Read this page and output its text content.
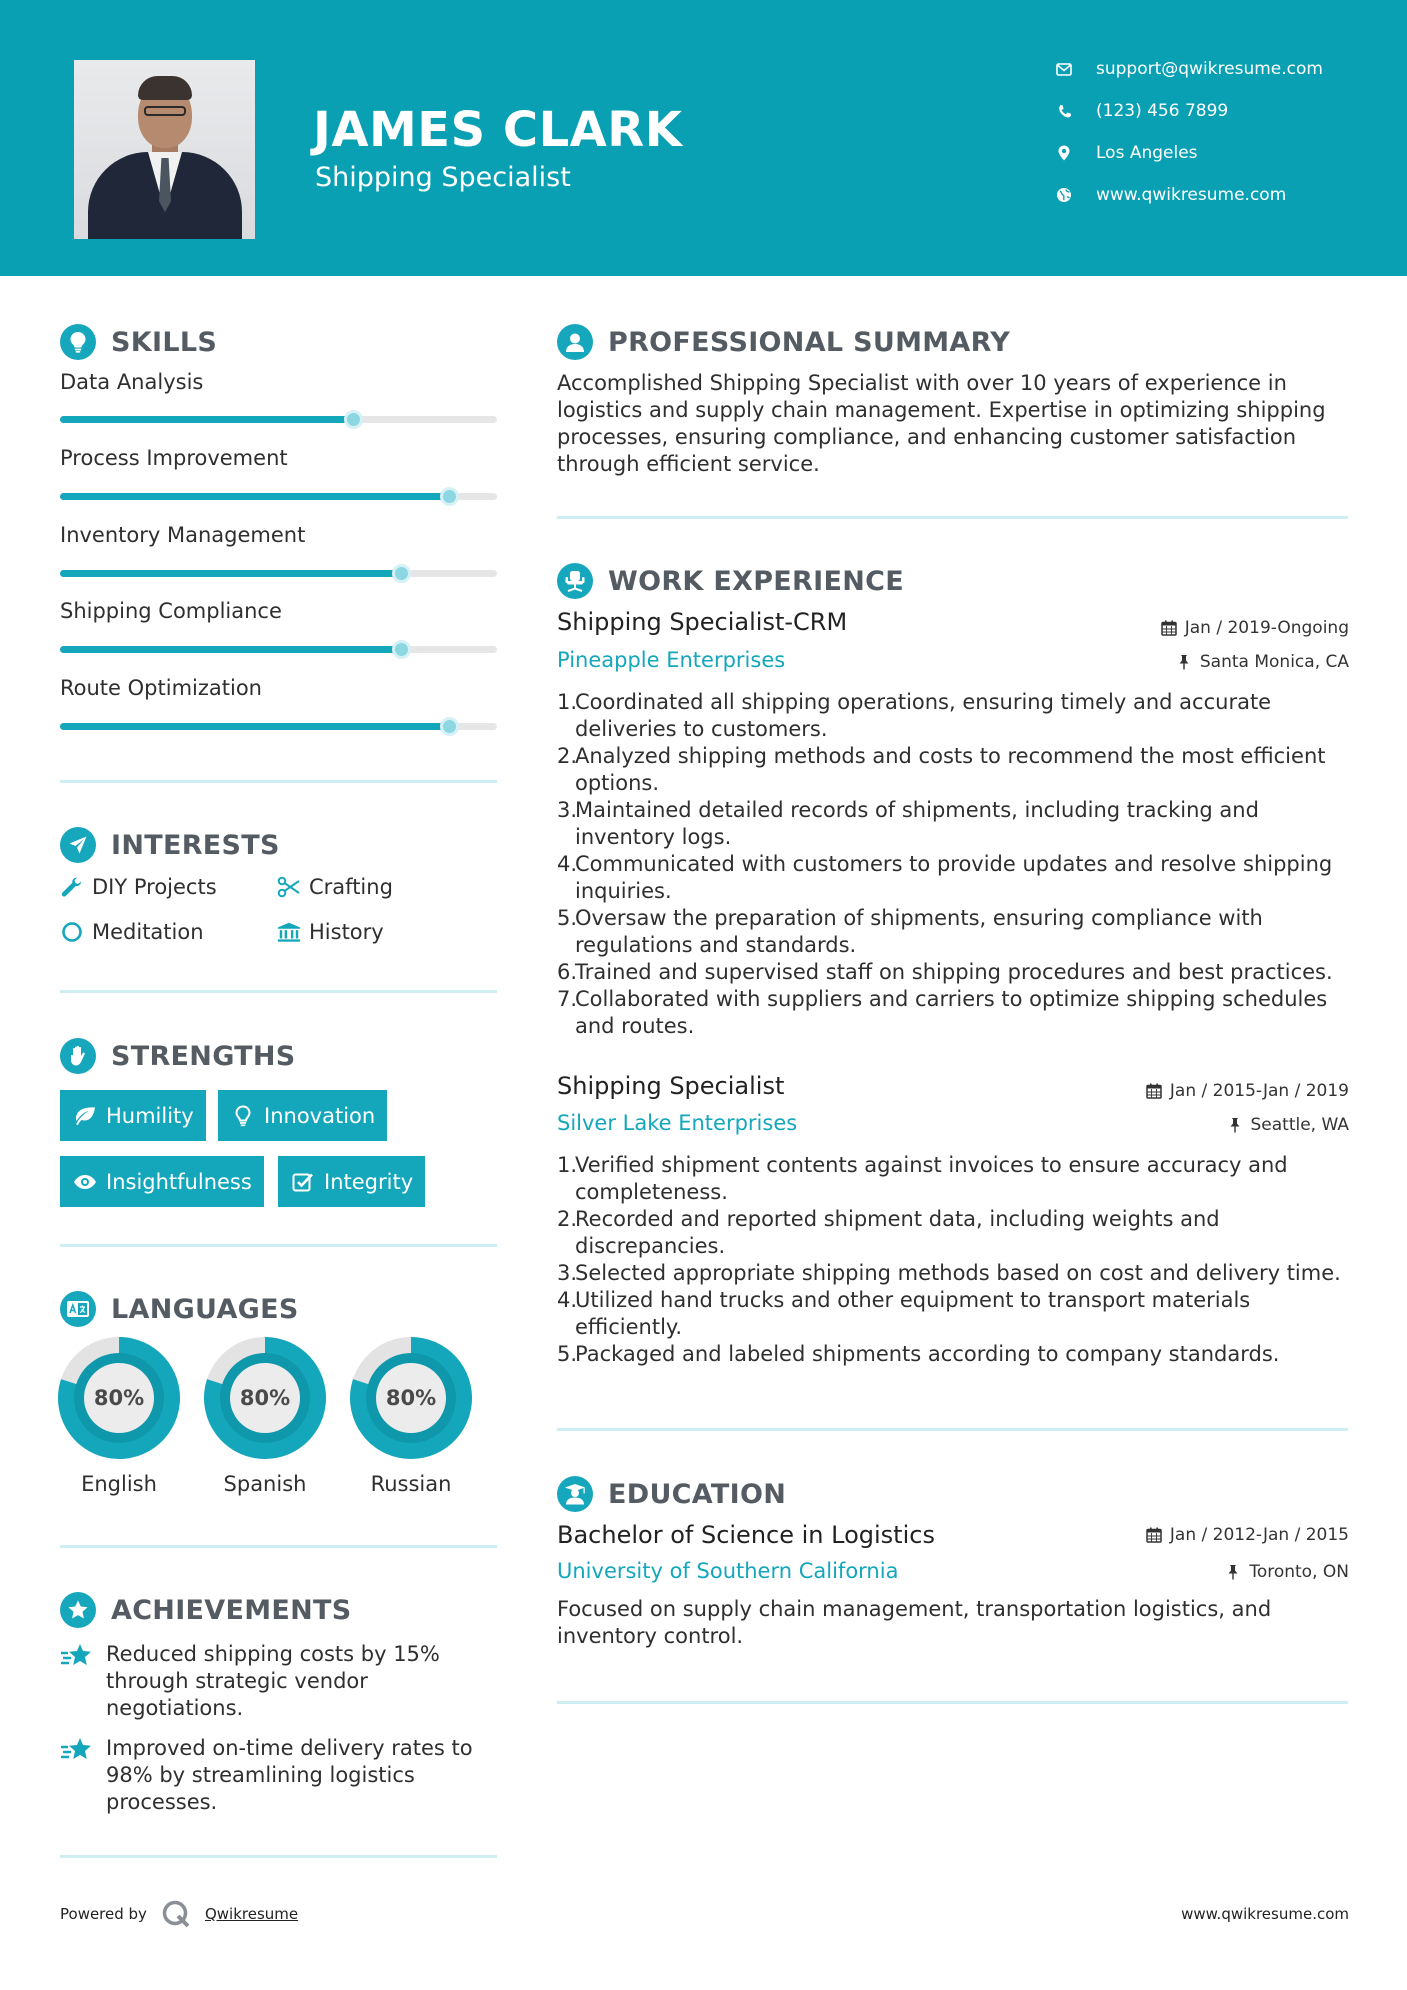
JAMES CLARK
Shipping Specialist
support@qwikresume.com
(123) 456 7899
Los Angeles
www.qwikresume.com
SKILLS
Data Analysis
Process Improvement
Inventory Management
Shipping Compliance
Route Optimization
INTERESTS
DIY Projects	Crafting
Meditation	History
STRENGTHS
Humility	Innovation
Insightfulness	Integrity
LANGUAGES
80%
English
80%
Spanish
80%
Russian
ACHIEVEMENTS
Reduced shipping costs by 15% through strategic vendor negotiations.
Improved on-time delivery rates to 98% by streamlining logistics processes.
PROFESSIONAL SUMMARY
Accomplished Shipping Specialist with over 10 years of experience in logistics and supply chain management. Expertise in optimizing shipping processes, ensuring compliance, and enhancing customer satisfaction through efficient service.
WORK EXPERIENCE
Shipping Specialist-CRM	Jan / 2019-Ongoing
Pineapple Enterprises	Santa Monica, CA
1.
Coordinated all shipping operations, ensuring timely and accurate deliveries to customers.
2.
Analyzed shipping methods and costs to recommend the most efficient options.
3.
Maintained detailed records of shipments, including tracking and inventory logs.
4.
Communicated with customers to provide updates and resolve shipping inquiries.
5.
Oversaw the preparation of shipments, ensuring compliance with regulations and standards.
6.
Trained and supervised staff on shipping procedures and best practices.
7.
Collaborated with suppliers and carriers to optimize shipping schedules and routes.
Shipping Specialist	Jan / 2015-Jan / 2019
Silver Lake Enterprises	Seattle, WA
1.
Verified shipment contents against invoices to ensure accuracy and completeness.
2.
Recorded and reported shipment data, including weights and discrepancies.
3.
Selected appropriate shipping methods based on cost and delivery time.
4.
Utilized hand trucks and other equipment to transport materials efficiently.
5.
Packaged and labeled shipments according to company standards.
EDUCATION
Bachelor of Science in Logistics	Jan / 2012-Jan / 2015
University of Southern California	Toronto, ON
Focused on supply chain management, transportation logistics, and inventory control.
Powered by	Qwikresume	www.qwikresume.com
